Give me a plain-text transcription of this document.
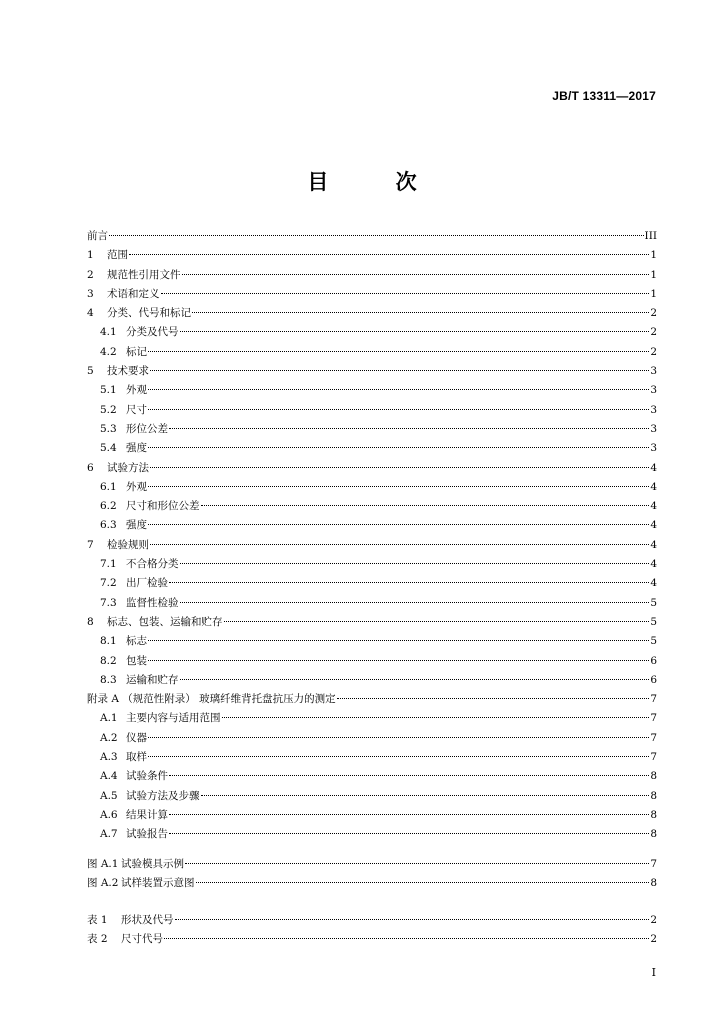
JB/T 13311—2017
目 次
前言	III
1	范围	1
2	规范性引用文件	1
3	术语和定义	1
4	分类、代号和标记	2
4.1 分类及代号	2
4.2 标记	2
5	技术要求	3
5.1 外观	3
5.2 尺寸	3
5.3 形位公差	3
5.4 强度	3
6	试验方法	4
6.1 外观	4
6.2 尺寸和形位公差	4
6.3 强度	4
7	检验规则	4
7.1 不合格分类	4
7.2 出厂检验	4
7.3 监督性检验	5
8	标志、包装、运输和贮存	5
8.1 标志	5
8.2 包装	6
8.3 运输和贮存	6
附录 A （规范性附录） 玻璃纤维背托盘抗压力的测定	7
A.1 主要内容与适用范围	7
A.2 仪器	7
A.3 取样	7
A.4 试验条件	8
A.5 试验方法及步骤	8
A.6 结果计算	8
A.7 试验报告	8
图 A.1 试验模具示例	7
图 A.2 试样装置示意图	8
表 1	形状及代号	2
表 2	尺寸代号	2
I
